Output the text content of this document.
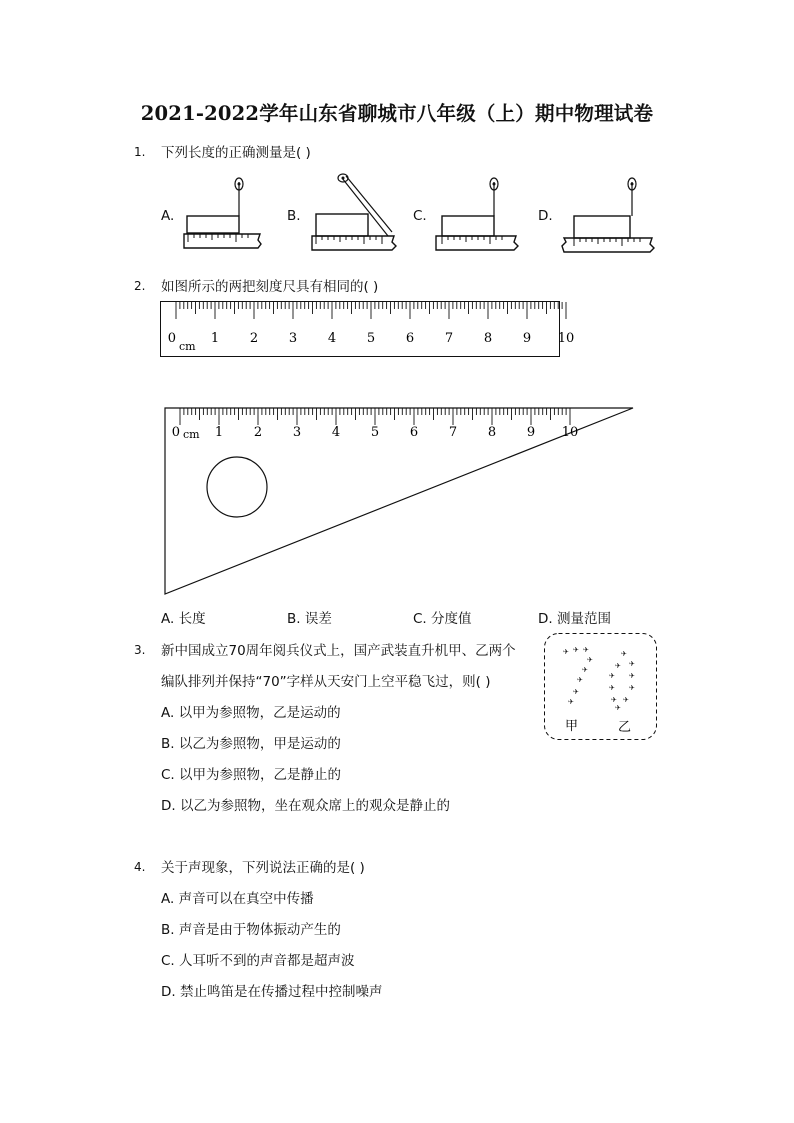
2021-2022学年山东省聊城市八年级（上）期中物理试卷
1. 下列长度的正确测量是( )
A.	B.	C.	D.
2. 如图所示的两把刻度尺具有相同的( )
0	1 2 3 4 5 6 7 8 9 10
cm
0	1 2 3 4 5 6 7 8 9 10
cm
A. 长度	B. 误差	C. 分度值	D. 测量范围
3. 新中国成立70周年阅兵仪式上，国产武装直升机甲、乙两个
编队排列并保持“70”字样从天安门上空平稳飞过，则( )
A. 以甲为参照物，乙是运动的
B. 以乙为参照物，甲是运动的
C. 以甲为参照物，乙是静止的
D. 以乙为参照物，坐在观众席上的观众是静止的
✈ ✈ ✈
✈
✈
✈
✈
✈
✈
✈
✈
✈ ✈
✈ ✈
✈ ✈
✈
甲	乙
4. 关于声现象，下列说法正确的是( )
A. 声音可以在真空中传播
B. 声音是由于物体振动产生的
C. 人耳听不到的声音都是超声波
D. 禁止鸣笛是在传播过程中控制噪声
